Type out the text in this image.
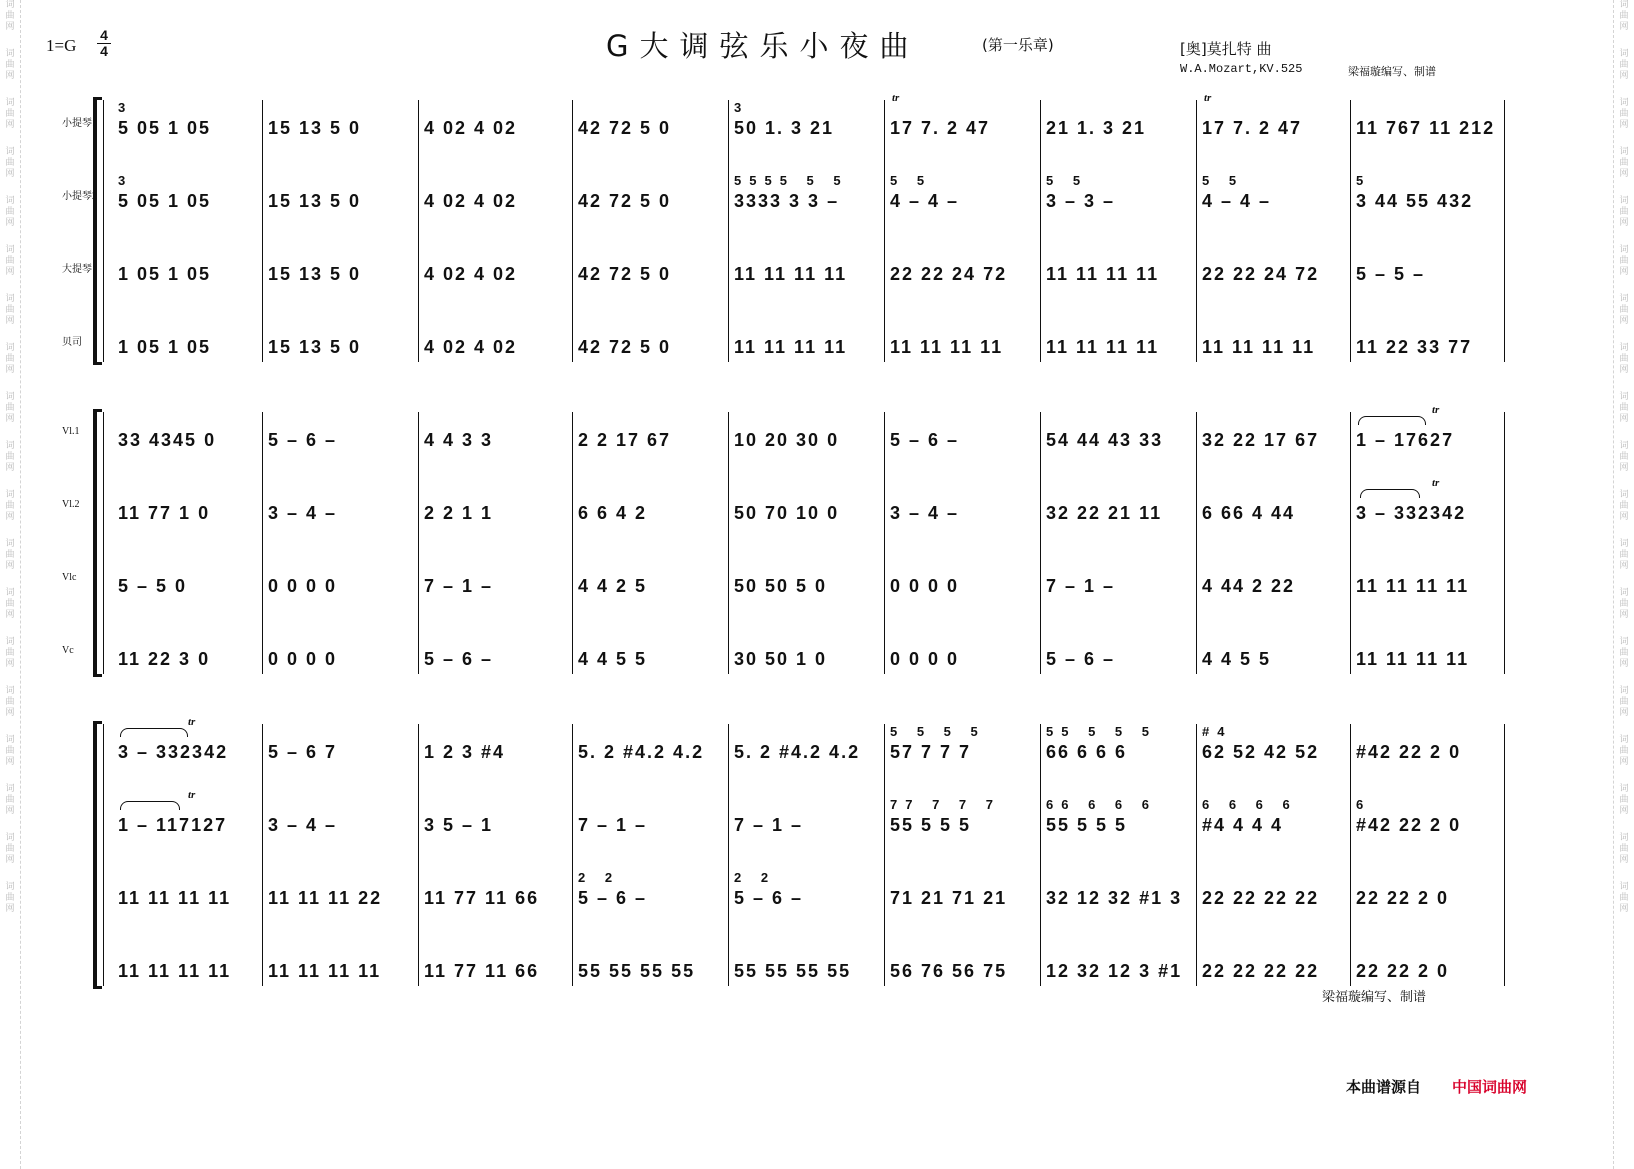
词曲网
词曲网
词曲网
词曲网
词曲网
词曲网
词曲网
词曲网
词曲网
词曲网
词曲网
词曲网
词曲网
词曲网
词曲网
词曲网
词曲网
词曲网
词曲网
词曲网
词曲网
词曲网
词曲网
词曲网
词曲网
词曲网
词曲网
词曲网
词曲网
词曲网
词曲网
词曲网
词曲网
词曲网
词曲网
词曲网
词曲网
词曲网
$1=G \frac{4}{4}$	G大调弦乐小夜曲	(第一乐章)	[奥]莫扎特 曲
W.A.Mozart,KV.525	梁福璇编写、制谱
小提琴1
小提琴2
大提琴
贝司
5 05 1 05	15 13 5 0	4 02 4 02	42 72 5 0	50 1. 3 21	17 7. 2 47	21 1. 3 21	17 7. 2 47	11 767 11 212
5 05 1 05	15 13 5 0	4 02 4 02	42 72 5 0	3333 3 3 –	4 – 4 –	3 – 3 –	4 – 4 –	3 44 55 432
1 05 1 05	15 13 5 0	4 02 4 02	42 72 5 0	11 11 11 11	22 22 24 72	11 11 11 11	22 22 24 72	5 – 5 –
1 05 1 05	15 13 5 0	4 02 4 02	42 72 5 0	11 11 11 11	11 11 11 11	11 11 11 11	11 11 11 11	11 22 33 77
3	3
3	5555 5 5	5 5	5 5	5 5	5
tr	tr
Vl.1
Vl.2
Vlc
Vc
33 4345 0	5 – 6 –	4 4 3 3	2 2 17 67	10 20 30 0	5 – 6 –	54 44 43 33	32 22 17 67	1 – 17627
11 77 1 0	3 – 4 –	2 2 1 1	6 6 4 2	50 70 10 0	3 – 4 –	32 22 21 11	6 66 4 44	3 – 332342
5 – 5 0	0 0 0 0	7 – 1 –	4 4 2 5	50 50 5 0	0 0 0 0	7 – 1 –	4 44 2 22	11 11 11 11
11 22 3 0	0 0 0 0	5 – 6 –	4 4 5 5	30 50 1 0	0 0 0 0	5 – 6 –	4 4 5 5	11 11 11 11
tr
tr
3 – 332342	5 – 6 7	1 2 3 #4	5. 2 #4.2 4.2	5. 2 #4.2 4.2	57 7 7 7	66 6 6 6	62 52 42 52	#42 22 2 0
1 – 117127	3 – 4 –	3 5 – 1	7 – 1 –	7 – 1 –	55 5 5 5	55 5 5 5	#4 4 4 4	#42 22 2 0
11 11 11 11	11 11 11 22	11 77 11 66	5 – 6 –	5 – 6 –	71 21 71 21	32 12 32 #1 3	22 22 22 22	22 22 2 0
11 11 11 11	11 11 11 11	11 77 11 66	55 55 55 55	55 55 55 55	56 76 56 75	12 32 12 3 #1	22 22 22 22	22 22 2 0
5 5 5 5	55 5 5 5	#4
2 2	2 2
77 7 7 7	66 6 6 6	6 6 6 6	6
tr
tr
梁福璇编写、制谱
本曲谱源自 中国词曲网
